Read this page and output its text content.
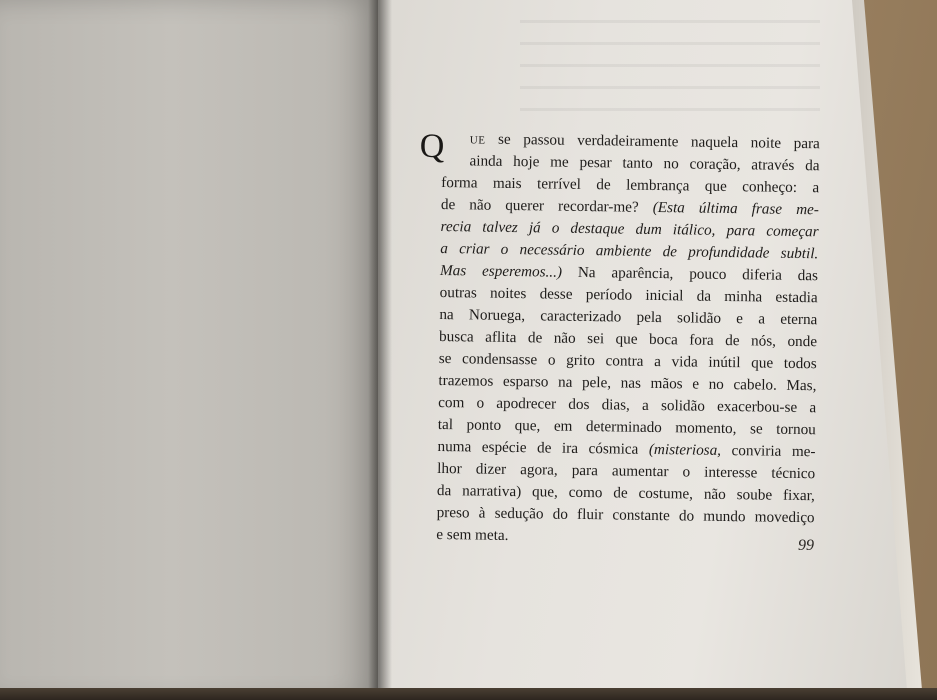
Q UE se passou verdadeiramente naquela noite para
ainda hoje me pesar tanto no coração, através da
forma mais terrível de lembrança que conheço: a
de não querer recordar-me? (Esta última frase me-
recia talvez já o destaque dum itálico, para começar
a criar o necessário ambiente de profundidade subtil.
Mas esperemos...) Na aparência, pouco diferia das
outras noites desse período inicial da minha estadia
na Noruega, caracterizado pela solidão e a eterna
busca aflita de não sei que boca fora de nós, onde
se condensasse o grito contra a vida inútil que todos
trazemos esparso na pele, nas mãos e no cabelo. Mas,
com o apodrecer dos dias, a solidão exacerbou-se a
tal ponto que, em determinado momento, se tornou
numa espécie de ira cósmica (misteriosa, conviria me-
lhor dizer agora, para aumentar o interesse técnico
da narrativa) que, como de costume, não soube fixar,
preso à sedução do fluir constante do mundo movediço
e sem meta.
99
